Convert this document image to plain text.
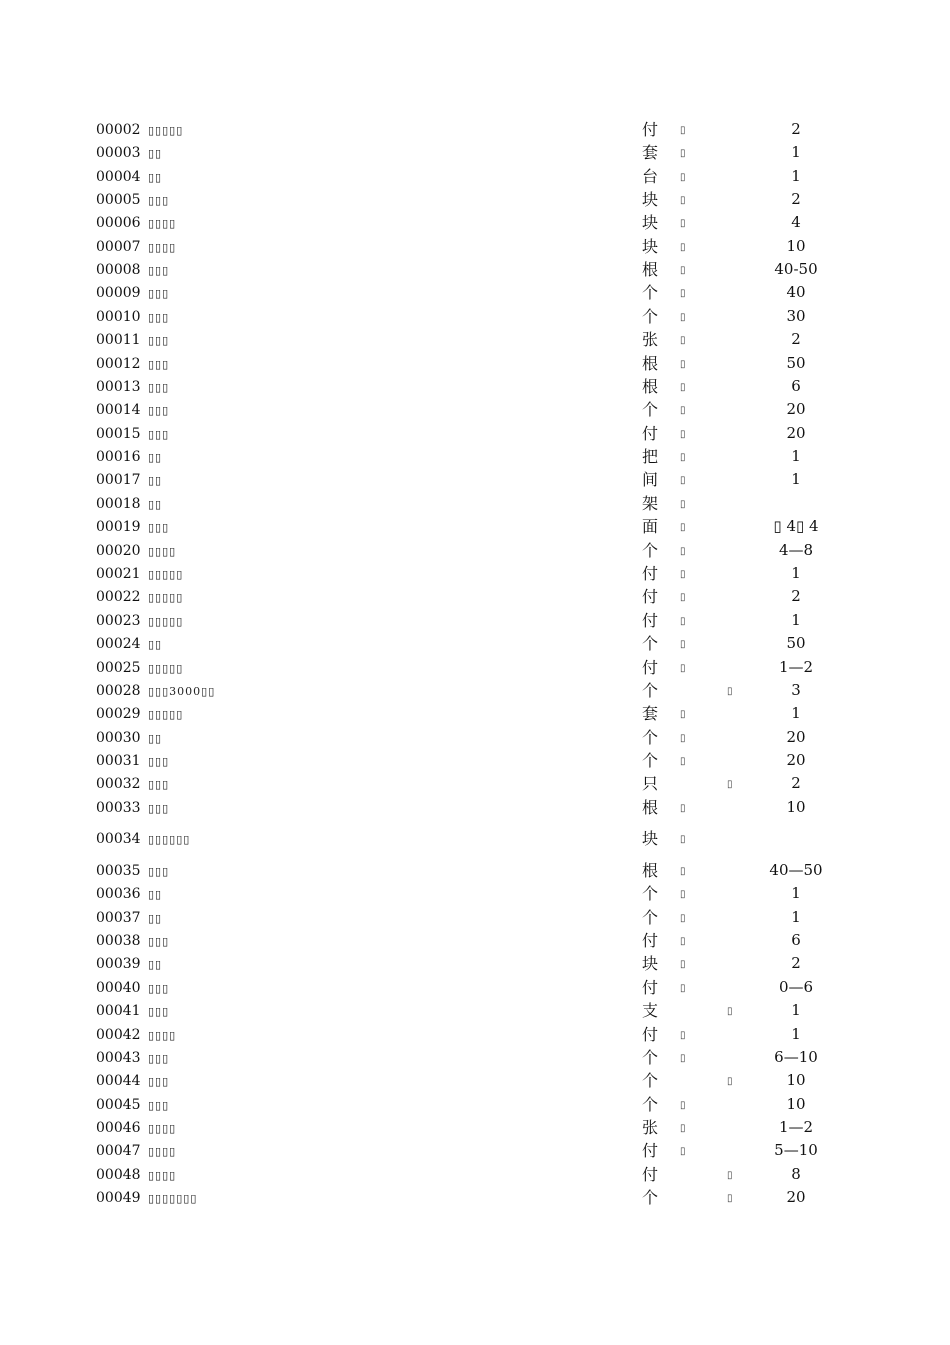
00002 ▯▯▯▯▯	付	▯	2
00003 ▯▯	套	▯	1
00004 ▯▯	台	▯	1
00005 ▯▯▯	块	▯	2
00006 ▯▯▯▯	块	▯	4
00007 ▯▯▯▯	块	▯	10
00008 ▯▯▯	根	▯	40-50
00009 ▯▯▯	个	▯	40
00010 ▯▯▯	个	▯	30
00011 ▯▯▯	张	▯	2
00012 ▯▯▯	根	▯	50
00013 ▯▯▯	根	▯	6
00014 ▯▯▯	个	▯	20
00015 ▯▯▯	付	▯	20
00016 ▯▯	把	▯	1
00017 ▯▯	间	▯	1
00018 ▯▯	架	▯
00019 ▯▯▯	面	▯	▯ 4▯ 4
00020 ▯▯▯▯	个	▯	4—8
00021 ▯▯▯▯▯	付	▯	1
00022 ▯▯▯▯▯	付	▯	2
00023 ▯▯▯▯▯	付	▯	1
00024 ▯▯	个	▯	50
00025 ▯▯▯▯▯	付	▯	1—2
00028 ▯▯▯3000▯▯	个	▯	3
00029 ▯▯▯▯▯	套	▯	1
00030 ▯▯	个	▯	20
00031 ▯▯▯	个	▯	20
00032 ▯▯▯	只	▯	2
00033 ▯▯▯	根	▯	10
00034 ▯▯▯▯▯▯	块	▯
00035 ▯▯▯	根	▯	40—50
00036 ▯▯	个	▯	1
00037 ▯▯	个	▯	1
00038 ▯▯▯	付	▯	6
00039 ▯▯	块	▯	2
00040 ▯▯▯	付	▯	0—6
00041 ▯▯▯	支	▯	1
00042 ▯▯▯▯	付	▯	1
00043 ▯▯▯	个	▯	6—10
00044 ▯▯▯	个	▯	10
00045 ▯▯▯	个	▯	10
00046 ▯▯▯▯	张	▯	1—2
00047 ▯▯▯▯	付	▯	5—10
00048 ▯▯▯▯	付	▯	8
00049 ▯▯▯▯▯▯▯	个	▯	20
